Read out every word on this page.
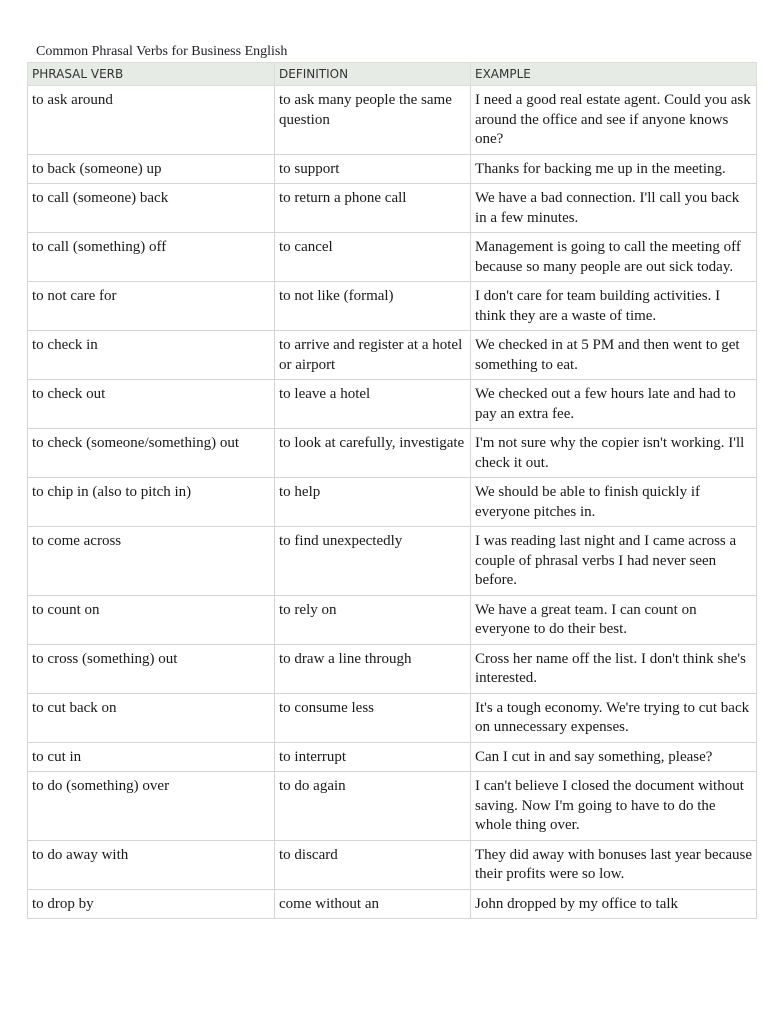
Common Phrasal Verbs for Business English
PHRASAL VERB	DEFINITION	EXAMPLE
to ask around	to ask many people the same question	I need a good real estate agent. Could you ask around the office and see if anyone knows one?
to back (someone) up	to support	Thanks for backing me up in the meeting.
to call (someone) back	to return a phone call	We have a bad connection. I'll call you back in a few minutes.
to call (something) off	to cancel	Management is going to call the meeting off because so many people are out sick today.
to not care for	to not like (formal)	I don't care for team building activities. I think they are a waste of time.
to check in	to arrive and register at a hotel or airport	We checked in at 5 PM and then went to get something to eat.
to check out	to leave a hotel	We checked out a few hours late and had to pay an extra fee.
to check (someone/something) out	to look at carefully, investigate	I'm not sure why the copier isn't working. I'll check it out.
to chip in (also to pitch in)	to help	We should be able to finish quickly if everyone pitches in.
to come across	to find unexpectedly	I was reading last night and I came across a couple of phrasal verbs I had never seen before.
to count on	to rely on	We have a great team. I can count on everyone to do their best.
to cross (something) out	to draw a line through	Cross her name off the list. I don't think she's interested.
to cut back on	to consume less	It's a tough economy. We're trying to cut back on unnecessary expenses.
to cut in	to interrupt	Can I cut in and say something, please?
to do (something) over	to do again	I can't believe I closed the document without saving. Now I'm going to have to do the whole thing over.
to do away with	to discard	They did away with bonuses last year because their profits were so low.
to drop by	come without an	John dropped by my office to talk
